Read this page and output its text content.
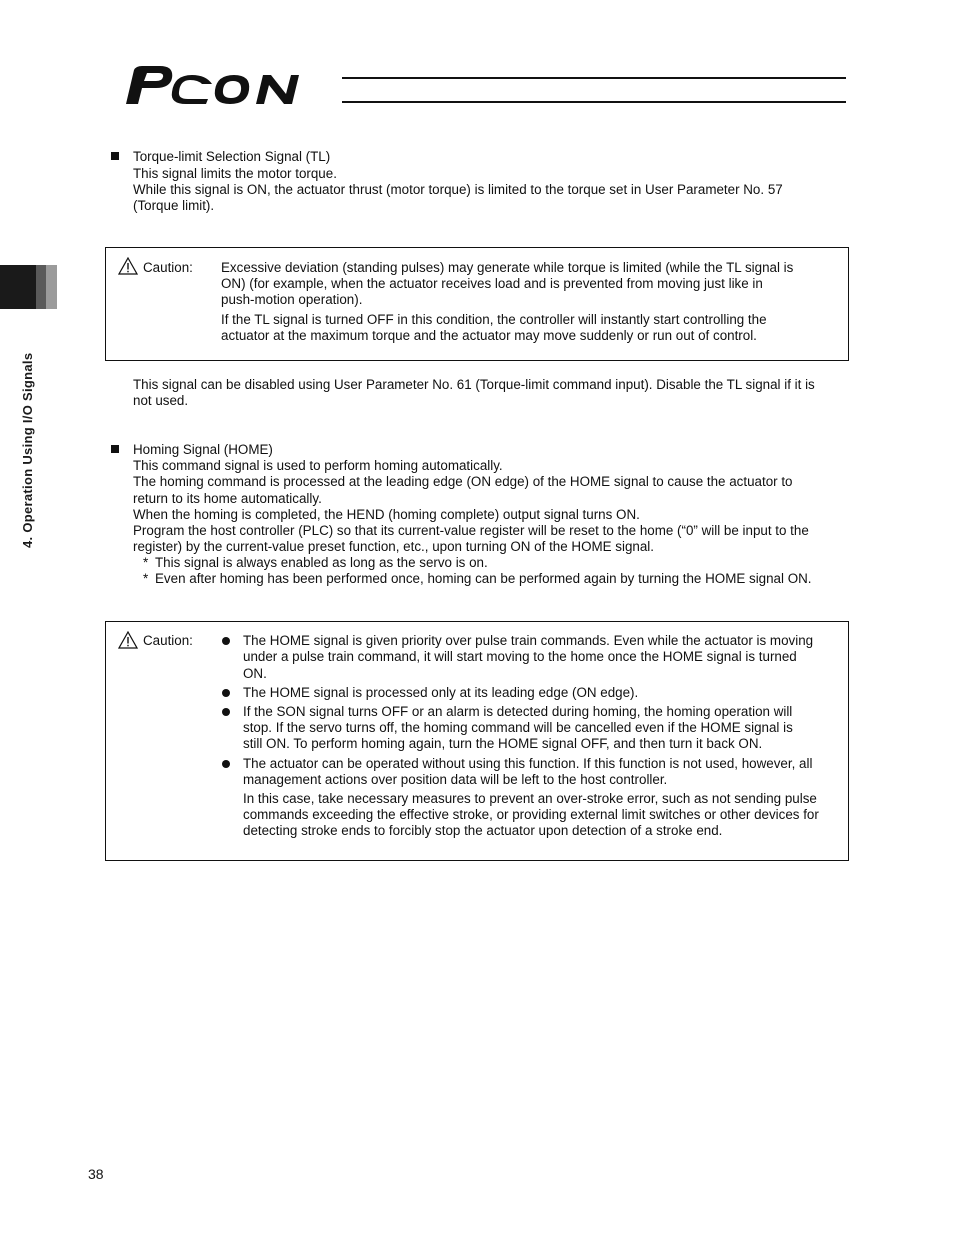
4. Operation Using I/O Signals
Torque-limit Selection Signal (TL)
This signal limits the motor torque.
While this signal is ON, the actuator thrust (motor torque) is limited to the torque set in User Parameter No. 57
(Torque limit).
Caution: Excessive deviation (standing pulses) may generate while torque is limited (while the TL signal is
ON) (for example, when the actuator receives load and is prevented from moving just like in
push-motion operation).
If the TL signal is turned OFF in this condition, the controller will instantly start controlling the
actuator at the maximum torque and the actuator may move suddenly or run out of control.
This signal can be disabled using User Parameter No. 61 (Torque-limit command input). Disable the TL signal if it is
not used.
Homing Signal (HOME)
This command signal is used to perform homing automatically.
The homing command is processed at the leading edge (ON edge) of the HOME signal to cause the actuator to
return to its home automatically.
When the homing is completed, the HEND (homing complete) output signal turns ON.
Program the host controller (PLC) so that its current-value register will be reset to the home (“0” will be input to the
register) by the current-value preset function, etc., upon turning ON of the HOME signal.
* This signal is always enabled as long as the servo is on.
* Even after homing has been performed once, homing can be performed again by turning the HOME signal ON.
Caution:	The HOME signal is given priority over pulse train commands. Even while the actuator is moving
under a pulse train command, it will start moving to the home once the HOME signal is turned
ON.
The HOME signal is processed only at its leading edge (ON edge).
If the SON signal turns OFF or an alarm is detected during homing, the homing operation will
stop. If the servo turns off, the homing command will be cancelled even if the HOME signal is
still ON. To perform homing again, turn the HOME signal OFF, and then turn it back ON.
The actuator can be operated without using this function. If this function is not used, however, all
management actions over position data will be left to the host controller.
In this case, take necessary measures to prevent an over-stroke error, such as not sending pulse
commands exceeding the effective stroke, or providing external limit switches or other devices for
detecting stroke ends to forcibly stop the actuator upon detection of a stroke end.
38
